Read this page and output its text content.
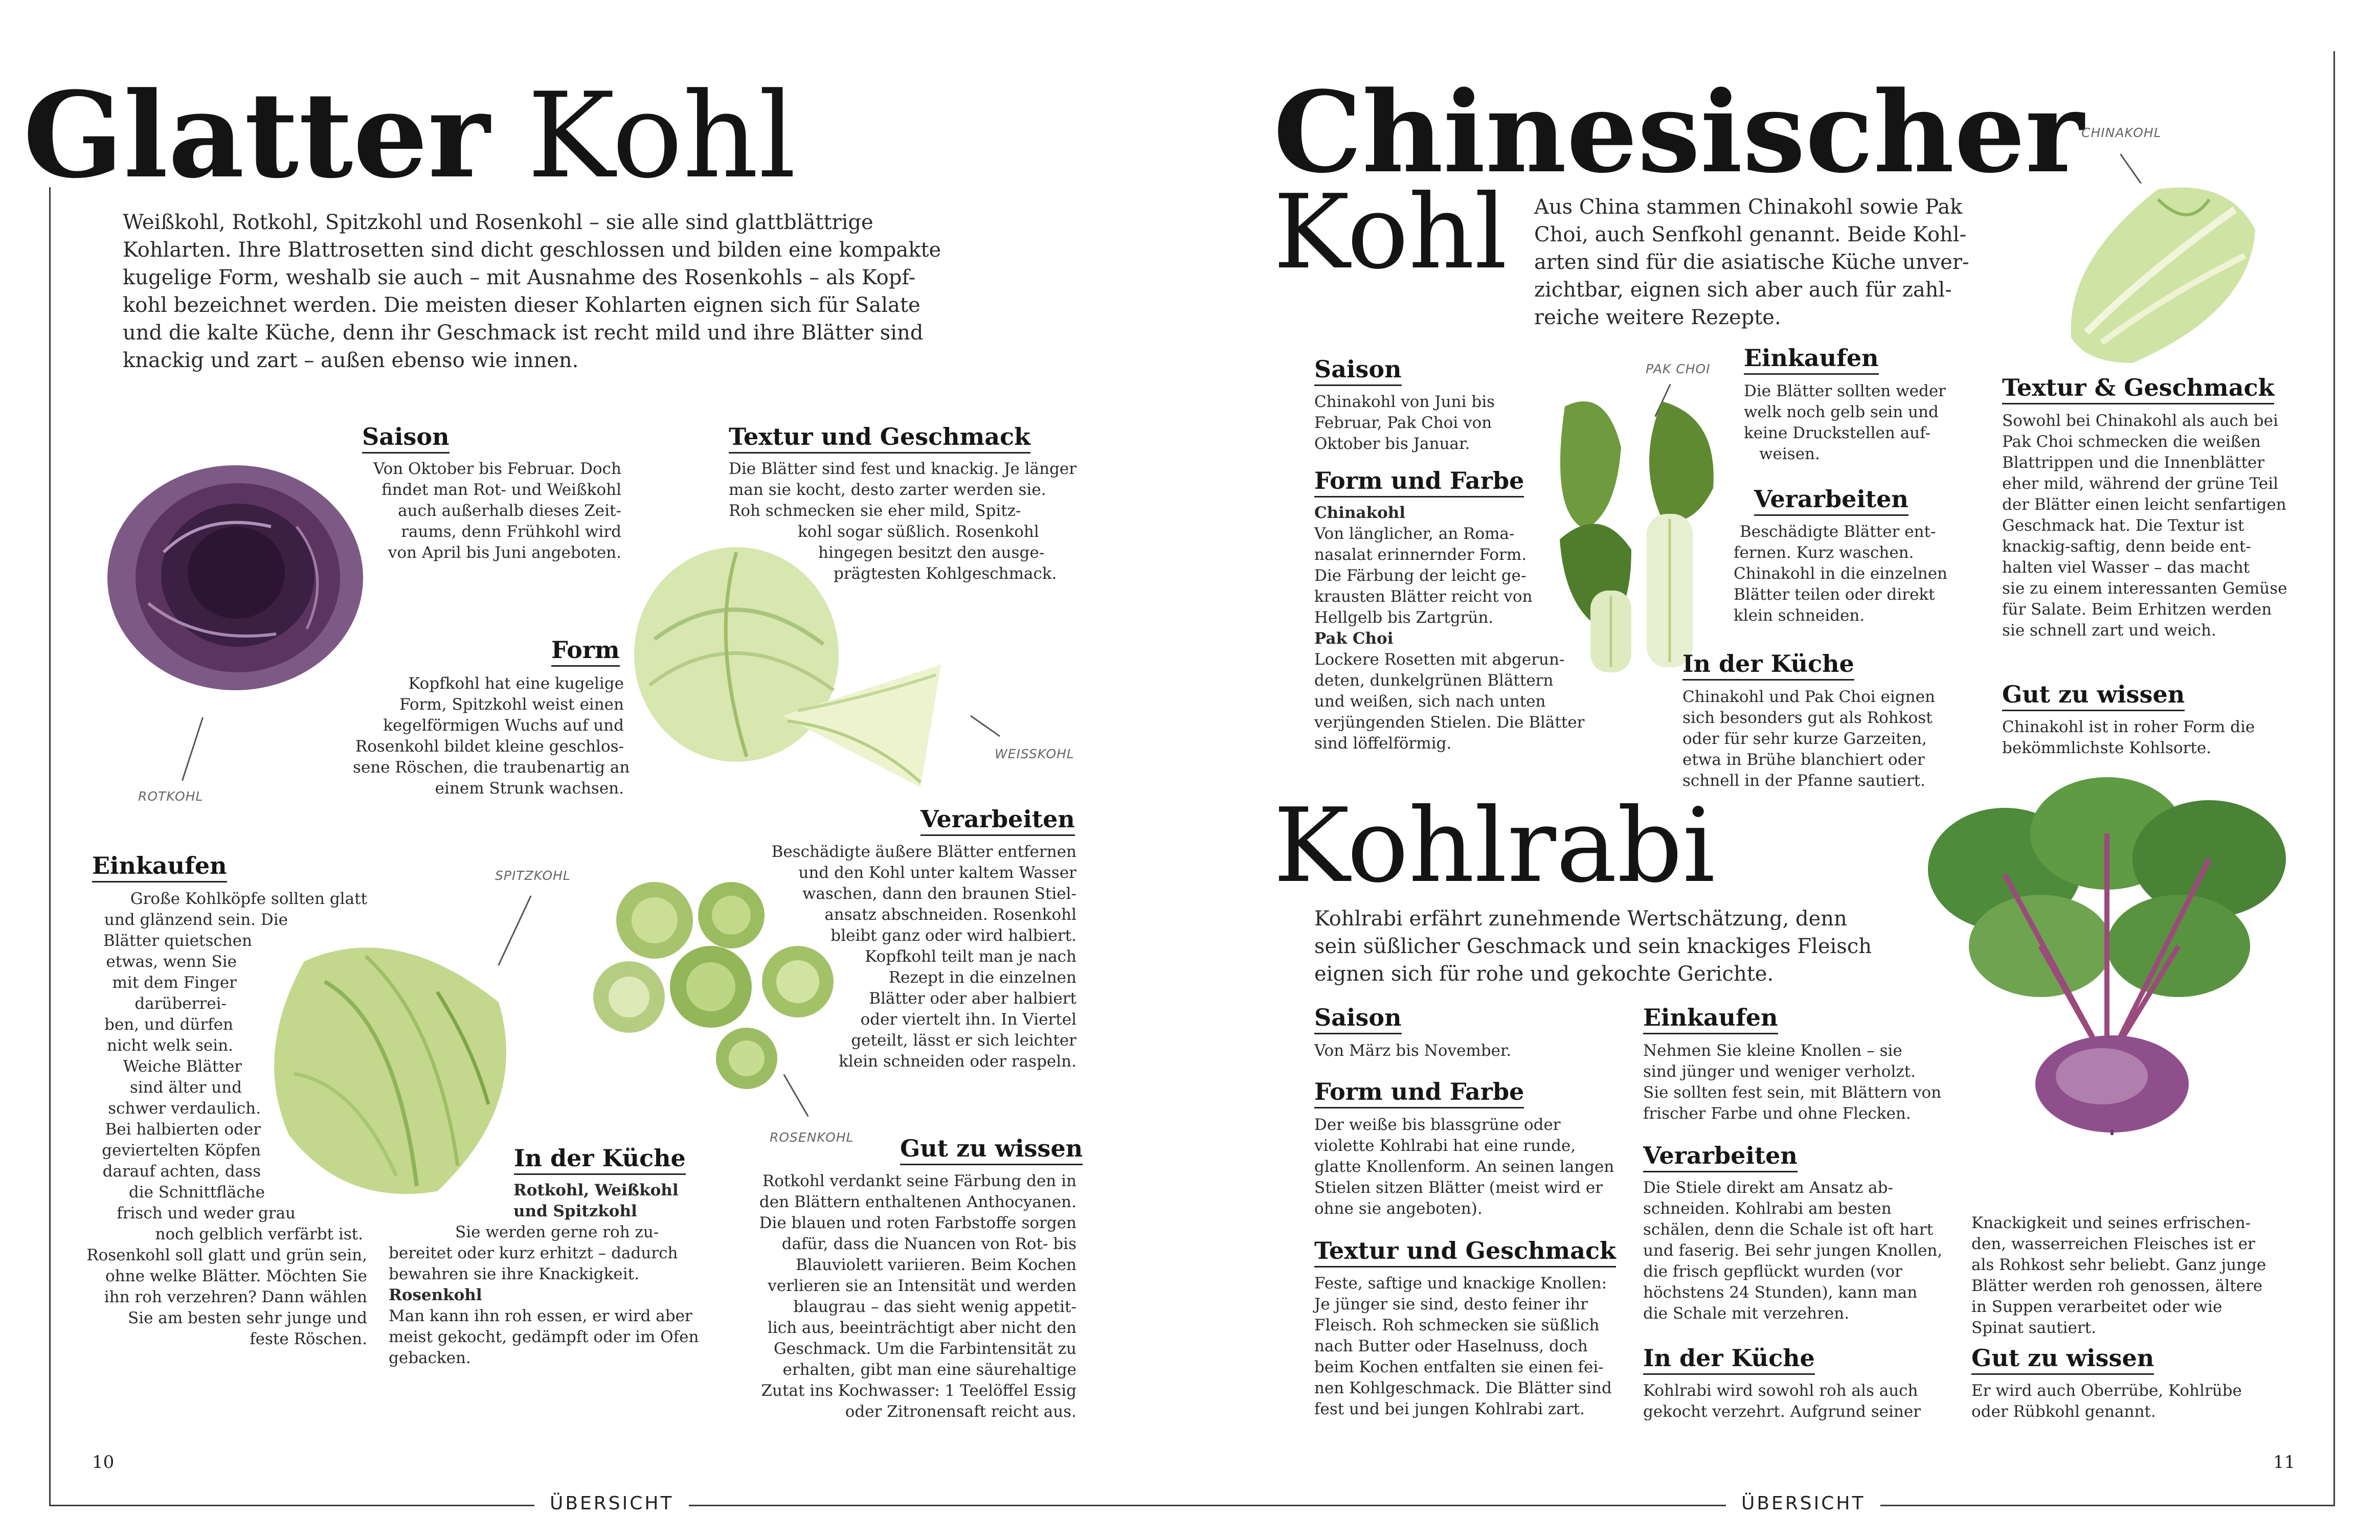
Glatter Kohl
Weißkohl, Rotkohl, Spitzkohl und Rosenkohl – sie alle sind glattblättrige
Kohlarten. Ihre Blattrosetten sind dicht geschlossen und bilden eine kompakte
kugelige Form, weshalb sie auch – mit Ausnahme des Rosenkohls – als Kopf-
kohl bezeichnet werden. Die meisten dieser Kohlarten eignen sich für Salate
und die kalte Küche, denn ihr Geschmack ist recht mild und ihre Blätter sind
knackig und zart – außen ebenso wie innen.
Saison
Von Oktober bis Februar. Doch
findet man Rot- und Weißkohl
auch außerhalb dieses Zeit-
raums, denn Frühkohl wird
von April bis Juni angeboten.
Textur und Geschmack
Die Blätter sind fest und knackig. Je länger
man sie kocht, desto zarter werden sie.
Roh schmecken sie eher mild, Spitz-
kohl sogar süßlich. Rosenkohl
hingegen besitzt den ausge-
prägtesten Kohlgeschmack.
Form
Kopfkohl hat eine kugelige
Form, Spitzkohl weist einen
kegelförmigen Wuchs auf und
Rosenkohl bildet kleine geschlos-
sene Röschen, die traubenartig an
einem Strunk wachsen.
Einkaufen
Große Kohlköpfe sollten glatt
und glänzend sein. Die
Blätter quietschen
etwas, wenn Sie
mit dem Finger
darüberrei-
ben, und dürfen
nicht welk sein.
Weiche Blätter
sind älter und
schwer verdaulich.
Bei halbierten oder
geviertelten Köpfen
darauf achten, dass
die Schnittfläche
frisch und weder grau
noch gelblich verfärbt ist.
Rosenkohl soll glatt und grün sein,
ohne welke Blätter. Möchten Sie
ihn roh verzehren? Dann wählen
Sie am besten sehr junge und
feste Röschen.
Verarbeiten
Beschädigte äußere Blätter entfernen
und den Kohl unter kaltem Wasser
waschen, dann den braunen Stiel-
ansatz abschneiden. Rosenkohl
bleibt ganz oder wird halbiert.
Kopfkohl teilt man je nach
Rezept in die einzelnen
Blätter oder aber halbiert
oder viertelt ihn. In Viertel
geteilt, lässt er sich leichter
klein schneiden oder raspeln.
In der Küche
Rotkohl, Weißkohl
und Spitzkohl
Sie werden gerne roh zu-
bereitet oder kurz erhitzt – dadurch
bewahren sie ihre Knackigkeit.
Rosenkohl
Man kann ihn roh essen, er wird aber
meist gekocht, gedämpft oder im Ofen
gebacken.
Gut zu wissen
Rotkohl verdankt seine Färbung den in
den Blättern enthaltenen Anthocyanen.
Die blauen und roten Farbstoffe sorgen
dafür, dass die Nuancen von Rot- bis
Blauviolett variieren. Beim Kochen
verlieren sie an Intensität und werden
blaugrau – das sieht wenig appetit-
lich aus, beeinträchtigt aber nicht den
Geschmack. Um die Farbintensität zu
erhalten, gibt man eine säurehaltige
Zutat ins Kochwasser: 1 Teelöffel Essig
oder Zitronensaft reicht aus.
ROTKOHL
WEISSKOHL
SPITZKOHL
ROSENKOHL
10
ÜBERSICHT
Chinesischer
Kohl Aus China stammen Chinakohl sowie Pak
Choi, auch Senfkohl genannt. Beide Kohl-
arten sind für die asiatische Küche unver-
zichtbar, eignen sich aber auch für zahl-
reiche weitere Rezepte.
CHINAKOHL
Saison
Chinakohl von Juni bis
Februar, Pak Choi von
Oktober bis Januar.
Form und Farbe
Chinakohl
Von länglicher, an Roma-
nasalat erinnernder Form.
Die Färbung der leicht ge-
krausten Blätter reicht von
Hellgelb bis Zartgrün.
Pak Choi
Lockere Rosetten mit abgerun-
deten, dunkelgrünen Blättern
und weißen, sich nach unten
verjüngenden Stielen. Die Blätter
sind löffelförmig.
PAK CHOI Einkaufen
Die Blätter sollten weder
welk noch gelb sein und
keine Druckstellen auf-
weisen.
Verarbeiten
Beschädigte Blätter ent-
fernen. Kurz waschen.
Chinakohl in die einzelnen
Blätter teilen oder direkt
klein schneiden.
In der Küche
Chinakohl und Pak Choi eignen
sich besonders gut als Rohkost
oder für sehr kurze Garzeiten,
etwa in Brühe blanchiert oder
schnell in der Pfanne sautiert.
Textur & Geschmack
Sowohl bei Chinakohl als auch bei
Pak Choi schmecken die weißen
Blattrippen und die Innenblätter
eher mild, während der grüne Teil
der Blätter einen leicht senfartigen
Geschmack hat. Die Textur ist
knackig-saftig, denn beide ent-
halten viel Wasser – das macht
sie zu einem interessanten Gemüse
für Salate. Beim Erhitzen werden
sie schnell zart und weich.
Gut zu wissen
Chinakohl ist in roher Form die
bekömmlichste Kohlsorte.
Kohlrabi
Kohlrabi erfährt zunehmende Wertschätzung, denn
sein süßlicher Geschmack und sein knackiges Fleisch
eignen sich für rohe und gekochte Gerichte.
Saison
Von März bis November.
Form und Farbe
Der weiße bis blassgrüne oder
violette Kohlrabi hat eine runde,
glatte Knollenform. An seinen langen
Stielen sitzen Blätter (meist wird er
ohne sie angeboten).
Textur und Geschmack
Feste, saftige und knackige Knollen:
Je jünger sie sind, desto feiner ihr
Fleisch. Roh schmecken sie süßlich
nach Butter oder Haselnuss, doch
beim Kochen entfalten sie einen fei-
nen Kohlgeschmack. Die Blätter sind
fest und bei jungen Kohlrabi zart.
Einkaufen
Nehmen Sie kleine Knollen – sie
sind jünger und weniger verholzt.
Sie sollten fest sein, mit Blättern von
frischer Farbe und ohne Flecken.
Verarbeiten
Die Stiele direkt am Ansatz ab-
schneiden. Kohlrabi am besten
schälen, denn die Schale ist oft hart
und faserig. Bei sehr jungen Knollen,
die frisch gepflückt wurden (vor
höchstens 24 Stunden), kann man
die Schale mit verzehren.
In der Küche
Kohlrabi wird sowohl roh als auch
gekocht verzehrt. Aufgrund seiner
Knackigkeit und seines erfrischen-
den, wasserreichen Fleisches ist er
als Rohkost sehr beliebt. Ganz junge
Blätter werden roh genossen, ältere
in Suppen verarbeitet oder wie
Spinat sautiert.
Gut zu wissen
Er wird auch Oberrübe, Kohlrübe
oder Rübkohl genannt.
11
ÜBERSICHT
